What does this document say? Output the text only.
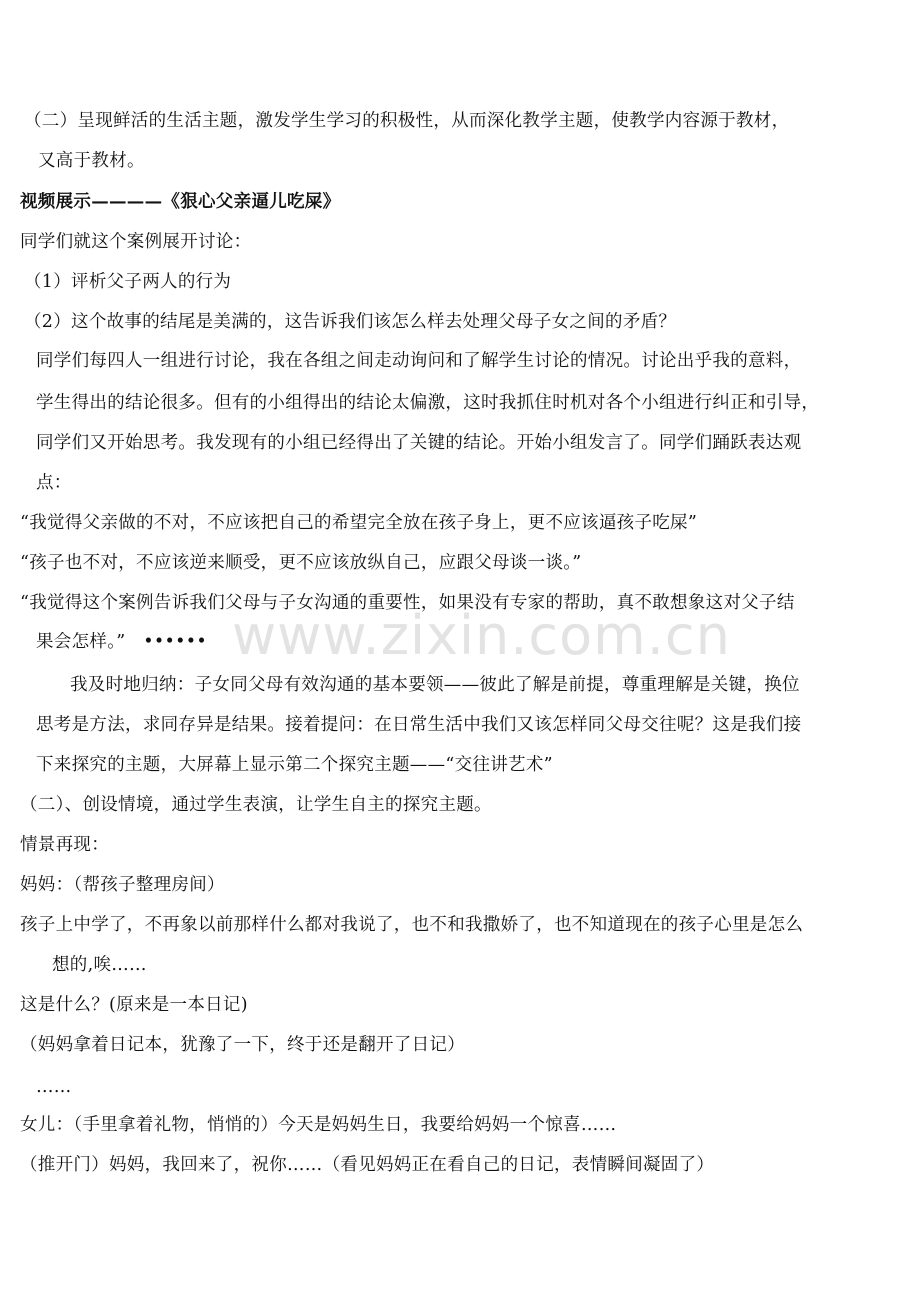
www.zixin.com.cn
（二）呈现鲜活的生活主题，激发学生学习的积极性，从而深化教学主题，使教学内容源于教材，
又高于教材。
视频展示————《狠心父亲逼儿吃屎》
同学们就这个案例展开讨论：
（1）评析父子两人的行为
（2）这个故事的结尾是美满的，这告诉我们该怎么样去处理父母子女之间的矛盾？
同学们每四人一组进行讨论，我在各组之间走动询问和了解学生讨论的情况。讨论出乎我的意料，
学生得出的结论很多。但有的小组得出的结论太偏激，这时我抓住时机对各个小组进行纠正和引导，
同学们又开始思考。我发现有的小组已经得出了关键的结论。开始小组发言了。同学们踊跃表达观
点：
“我觉得父亲做的不对，不应该把自己的希望完全放在孩子身上，更不应该逼孩子吃屎”
“孩子也不对，不应该逆来顺受，更不应该放纵自己，应跟父母谈一谈。”
“我觉得这个案例告诉我们父母与子女沟通的重要性，如果没有专家的帮助，真不敢想象这对父子结
果会怎样。”　••••••
我及时地归纳：子女同父母有效沟通的基本要领——彼此了解是前提，尊重理解是关键，换位
思考是方法，求同存异是结果。接着提问：在日常生活中我们又该怎样同父母交往呢？这是我们接
下来探究的主题，大屏幕上显示第二个探究主题——“交往讲艺术”
（二）、创设情境，通过学生表演，让学生自主的探究主题。
情景再现：
妈妈：（帮孩子整理房间）
孩子上中学了，不再象以前那样什么都对我说了，也不和我撒娇了，也不知道现在的孩子心里是怎么
想的,唉……
这是什么？(原来是一本日记)
（妈妈拿着日记本，犹豫了一下，终于还是翻开了日记）
……
女儿：（手里拿着礼物，悄悄的）今天是妈妈生日，我要给妈妈一个惊喜……
（推开门）妈妈，我回来了，祝你……（看见妈妈正在看自己的日记，表情瞬间凝固了）
